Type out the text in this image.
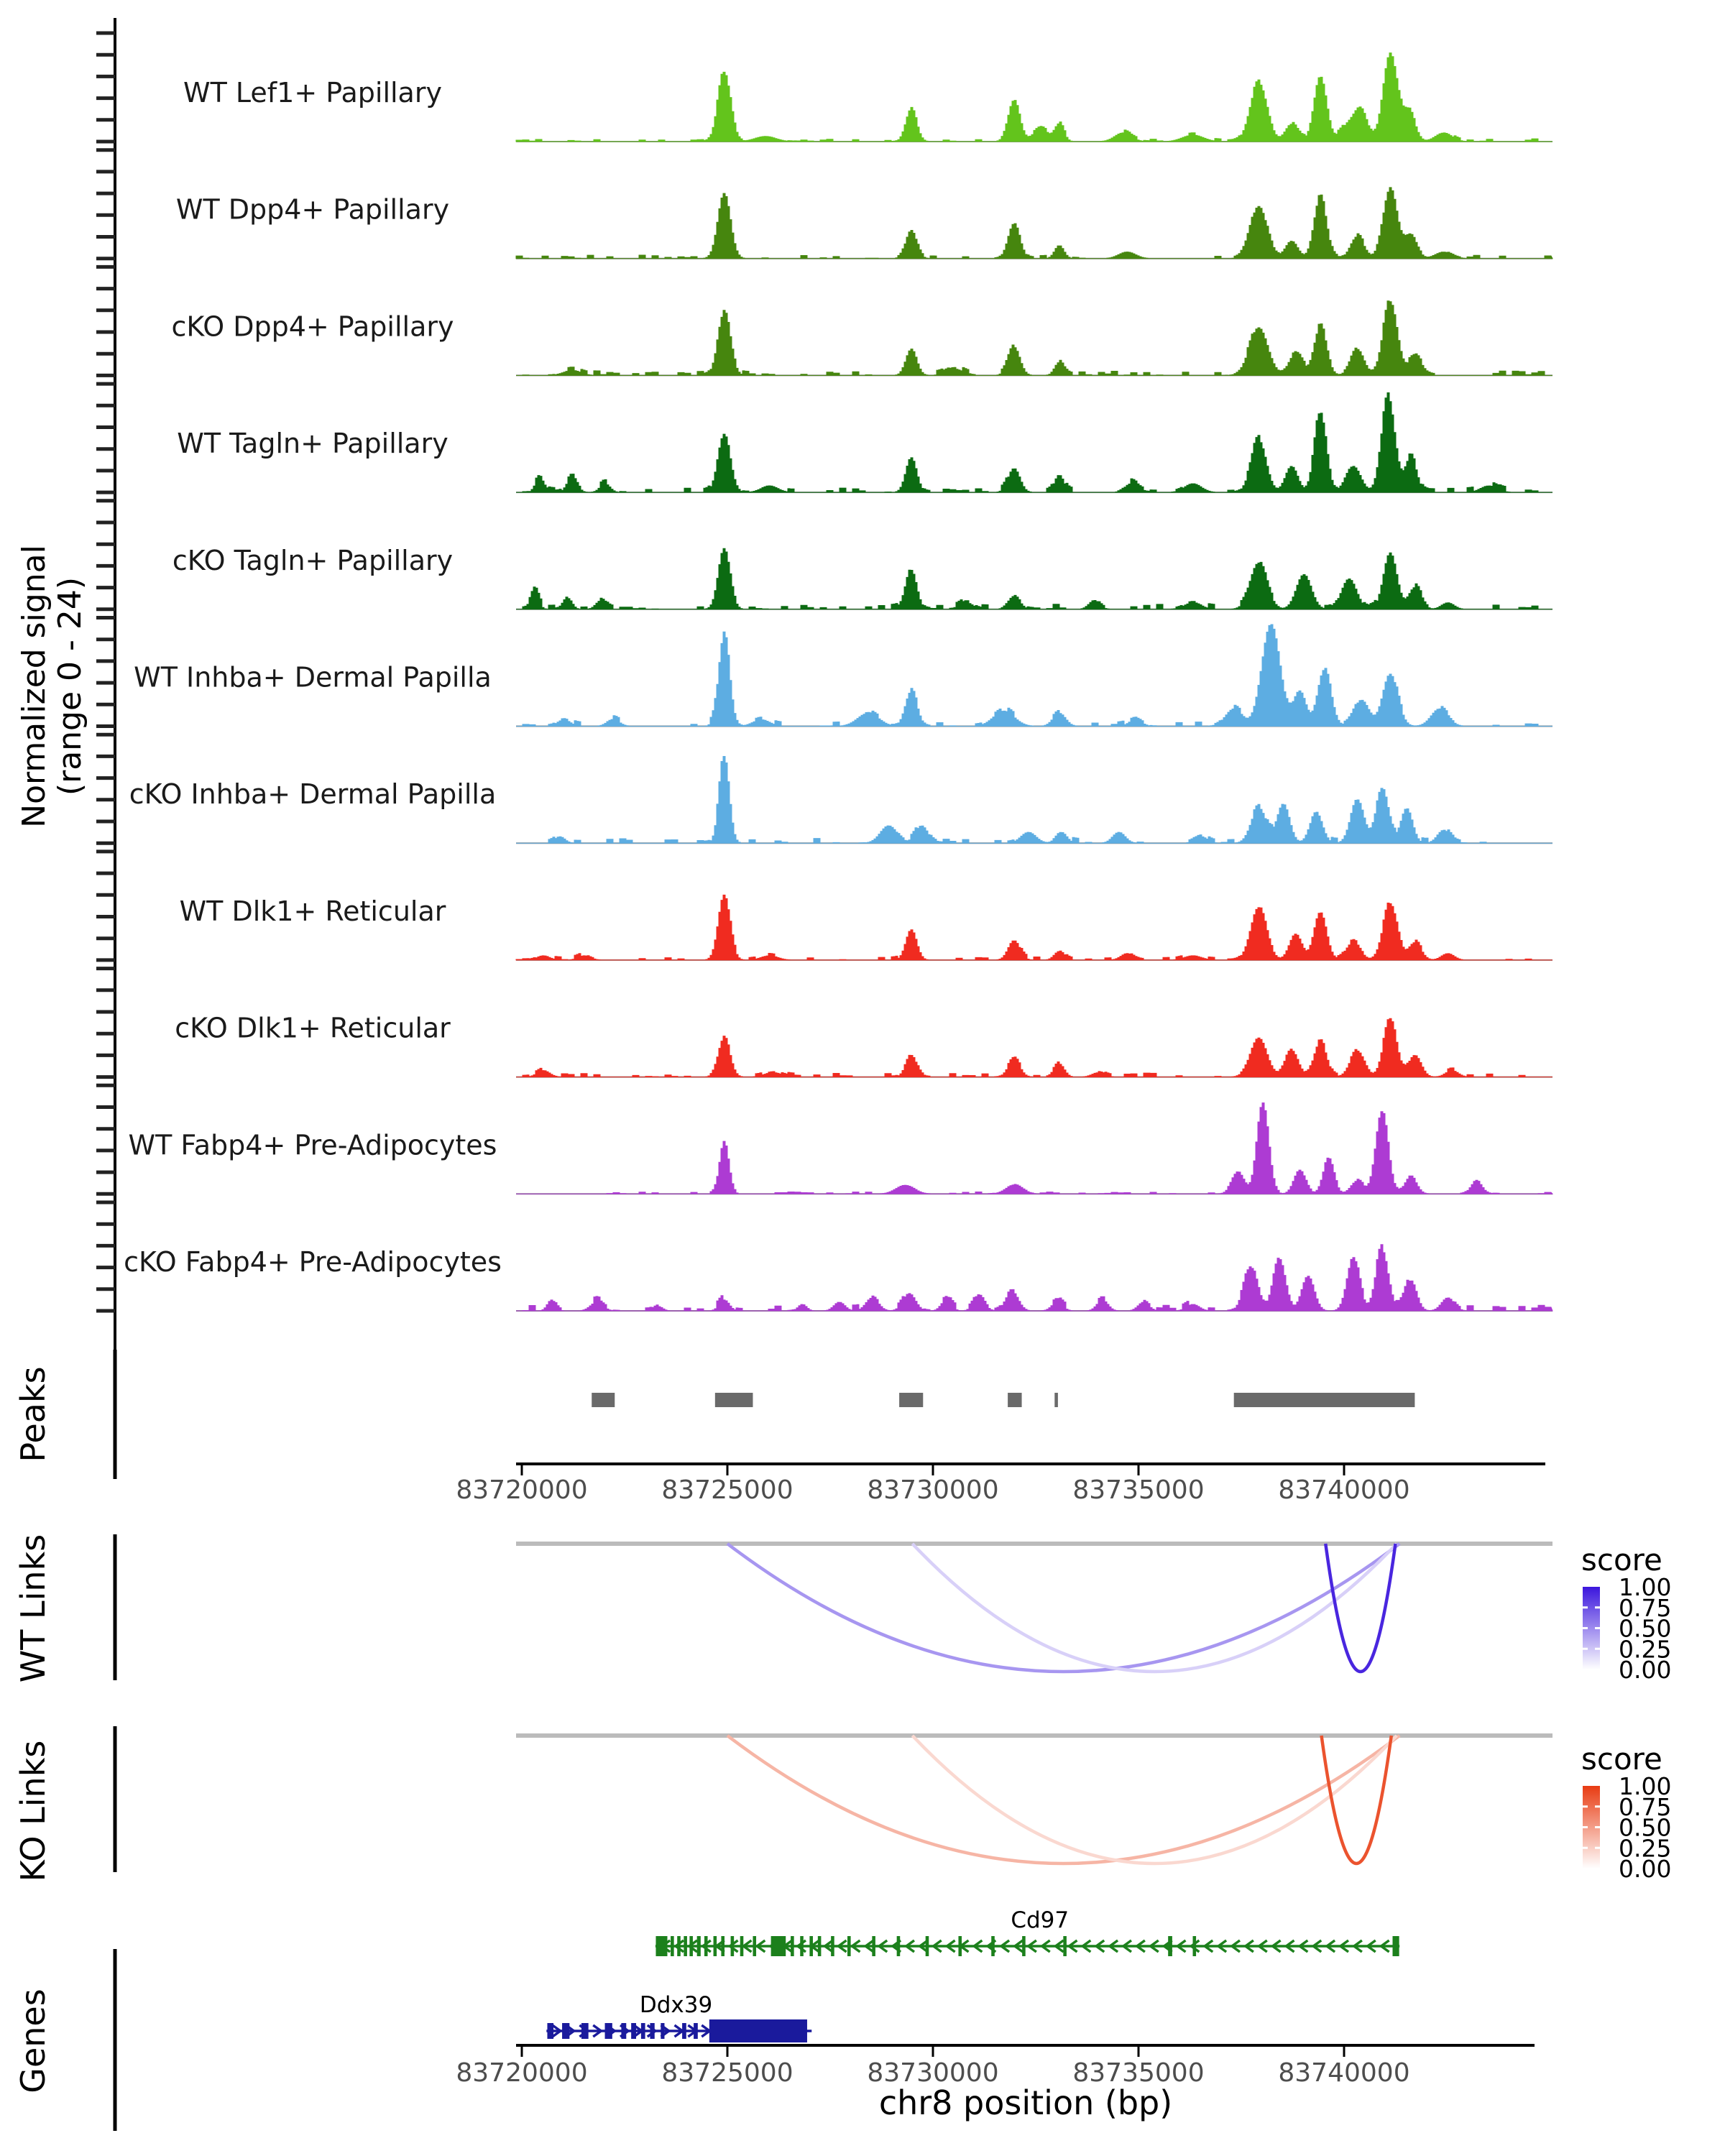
Normalized signal (range 0 - 24)
Peaks
WT Links
KO Links
Genes
score
score
chr8 position (bp)
83720000	83725000	83730000	83735000	83740000
83720000	83725000	83730000	83735000	83740000
WT Lef1+ Papillary
WT Dpp4+ Papillary
cKO Dpp4+ Papillary
WT Tagln+ Papillary
cKO Tagln+ Papillary
WT Inhba+ Dermal Papilla
cKO Inhba+ Dermal Papilla
WT Dlk1+ Reticular
cKO Dlk1+ Reticular
WT Fabp4+ Pre-Adipocytes
cKO Fabp4+ Pre-Adipocytes
1.00
0.75
0.50
0.25
0.00
1.00
0.75
0.50
0.25
0.00
Cd97
Ddx39
